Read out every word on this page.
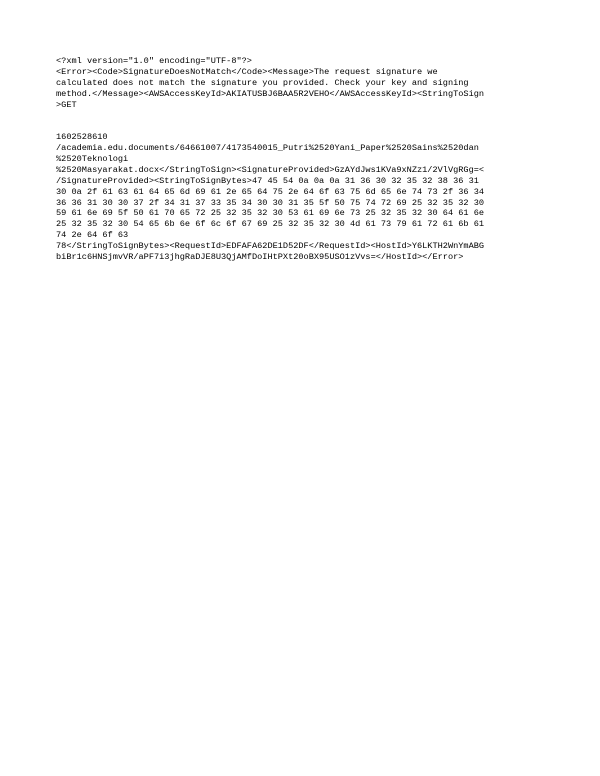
<?xml version="1.0" encoding="UTF-8"?>
<Error><Code>SignatureDoesNotMatch</Code><Message>The request signature we
calculated does not match the signature you provided. Check your key and signing
method.</Message><AWSAccessKeyId>AKIATUSBJ6BAA5R2VEHO</AWSAccessKeyId><StringToSign
>GET
1602528610
/academia.edu.documents/64661007/4173540015_Putri%2520Yani_Paper%2520Sains%2520dan
%2520Teknologi
%2520Masyarakat.docx</StringToSign><SignatureProvided>GzAYdJws1KVa9xNZz1/2VlVgRGg=<
/SignatureProvided><StringToSignBytes>47 45 54 0a 0a 0a 31 36 30 32 35 32 38 36 31
30 0a 2f 61 63 61 64 65 6d 69 61 2e 65 64 75 2e 64 6f 63 75 6d 65 6e 74 73 2f 36 34
36 36 31 30 30 37 2f 34 31 37 33 35 34 30 30 31 35 5f 50 75 74 72 69 25 32 35 32 30
59 61 6e 69 5f 50 61 70 65 72 25 32 35 32 30 53 61 69 6e 73 25 32 35 32 30 64 61 6e
25 32 35 32 30 54 65 6b 6e 6f 6c 6f 67 69 25 32 35 32 30 4d 61 73 79 61 72 61 6b 61
74 2e 64 6f 63
78</StringToSignBytes><RequestId>EDFAFA62DE1D52DF</RequestId><HostId>Y6LKTH2WnYmABG
biBr1c6HNSjmvVR/aPF7i3jhgRaDJE8U3QjAMfDoIHtPXt20oBX95USO1zVvs=</HostId></Error>
